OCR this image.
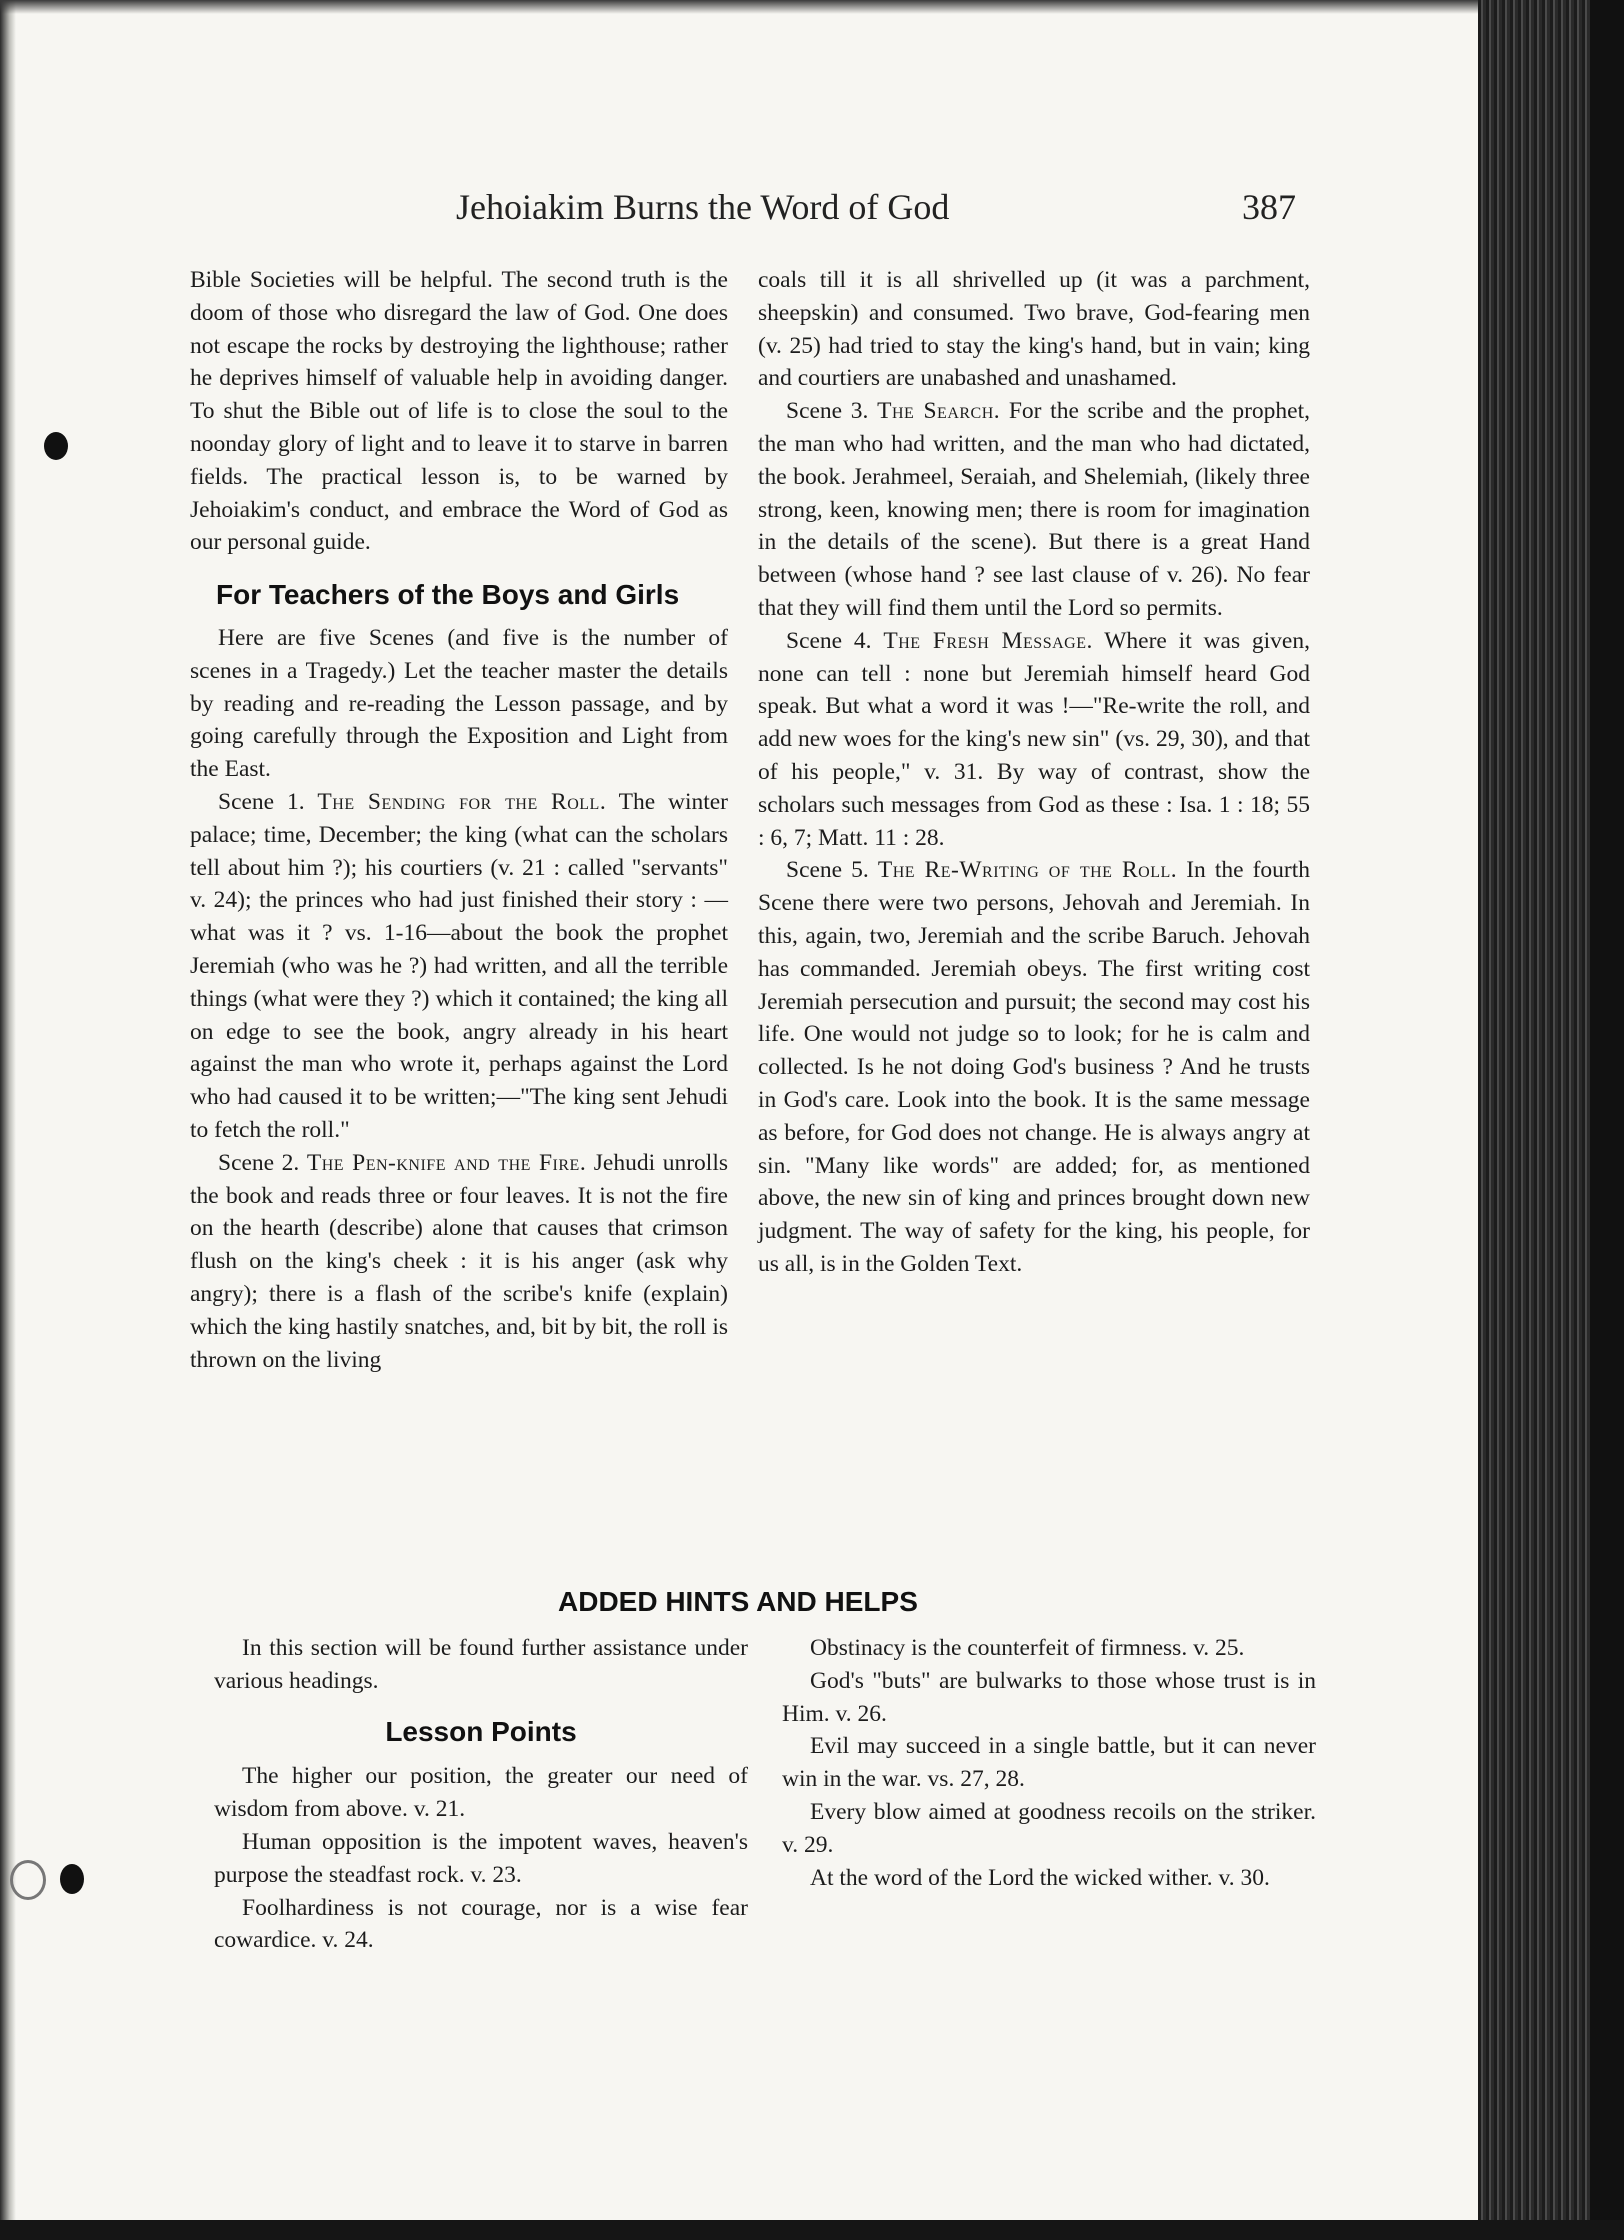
Jehoiakim Burns the Word of God	387

Bible Societies will be helpful. The second truth is the doom of those who disregard the law of God. One does not escape the rocks by destroying the lighthouse; rather he deprives himself of valuable help in avoiding danger. To shut the Bible out of life is to close the soul to the noonday glory of light and to leave it to starve in barren fields. The practical lesson is, to be warned by Jehoiakim's conduct, and embrace the Word of God as our personal guide.

For Teachers of the Boys and Girls

Here are five Scenes (and five is the number of scenes in a Tragedy.) Let the teacher master the details by reading and re-reading the Lesson passage, and by going carefully through the Exposition and Light from the East.

Scene 1. The Sending for the Roll. The winter palace; time, December; the king (what can the scholars tell about him ?); his courtiers (v. 21 : called "servants" v. 24); the princes who had just finished their story : —what was it ? vs. 1-16—about the book the prophet Jeremiah (who was he ?) had written, and all the terrible things (what were they ?) which it contained; the king all on edge to see the book, angry already in his heart against the man who wrote it, perhaps against the Lord who had caused it to be written;—"The king sent Jehudi to fetch the roll."

Scene 2. The Pen-knife and the Fire. Jehudi unrolls the book and reads three or four leaves. It is not the fire on the hearth (describe) alone that causes that crimson flush on the king's cheek : it is his anger (ask why angry); there is a flash of the scribe's knife (explain) which the king hastily snatches, and, bit by bit, the roll is thrown on the living

coals till it is all shrivelled up (it was a parchment, sheepskin) and consumed. Two brave, God-fearing men (v. 25) had tried to stay the king's hand, but in vain; king and courtiers are unabashed and unashamed.

Scene 3. The Search. For the scribe and the prophet, the man who had written, and the man who had dictated, the book. Jerahmeel, Seraiah, and Shelemiah, (likely three strong, keen, knowing men; there is room for imagination in the details of the scene). But there is a great Hand between (whose hand ? see last clause of v. 26). No fear that they will find them until the Lord so permits.

Scene 4. The Fresh Message. Where it was given, none can tell : none but Jeremiah himself heard God speak. But what a word it was !—"Re-write the roll, and add new woes for the king's new sin" (vs. 29, 30), and that of his people," v. 31. By way of contrast, show the scholars such messages from God as these : Isa. 1 : 18; 55 : 6, 7; Matt. 11 : 28.

Scene 5. The Re-Writing of the Roll. In the fourth Scene there were two persons, Jehovah and Jeremiah. In this, again, two, Jeremiah and the scribe Baruch. Jehovah has commanded. Jeremiah obeys. The first writing cost Jeremiah persecution and pursuit; the second may cost his life. One would not judge so to look; for he is calm and collected. Is he not doing God's business ? And he trusts in God's care. Look into the book. It is the same message as before, for God does not change. He is always angry at sin. "Many like words" are added; for, as mentioned above, the new sin of king and princes brought down new judgment. The way of safety for the king, his people, for us all, is in the Golden Text.

ADDED HINTS AND HELPS

In this section will be found further assistance under various headings.

Lesson Points

The higher our position, the greater our need of wisdom from above. v. 21.

Human opposition is the impotent waves, heaven's purpose the steadfast rock. v. 23.

Foolhardiness is not courage, nor is a wise fear cowardice. v. 24.

Obstinacy is the counterfeit of firmness. v. 25.

God's "buts" are bulwarks to those whose trust is in Him. v. 26.

Evil may succeed in a single battle, but it can never win in the war. vs. 27, 28.

Every blow aimed at goodness recoils on the striker. v. 29.

At the word of the Lord the wicked wither. v. 30.
